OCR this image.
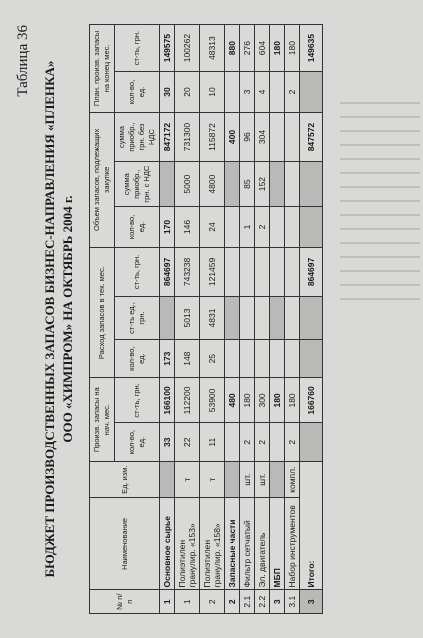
Таблица 36 БЮДЖЕТ ПРОИЗВОДСТВЕННЫХ ЗАПАСОВ БИЗНЕС-НАПРАВЛЕНИЯ «ПЛЕНКА» ООО «ХИМПРОМ» НА ОКТЯБРЬ 2004 г.
№ п/п	Наименование	Ед. изм.	Произв. запасы на нач. мес.		Расход запасов в тек. мес.			Объем запасов, подлежащих закупке			План. произв. запасы на конец мес.	
			кол-во, ед.	ст-ть, грн.	кол-во, ед.	ст-ть ед., грн.	ст-ть, грн.	кол-во, ед.	сумма приобр., грн. с НДС	сумма приобр., грн. без НДС	кол-во, ед.	ст-ть, грн.
1	Основное сырье		33	166100	173		864697	170		847172	30	149575
1	Полиэтилен гранулир. «153»	т	22	112200	148	5013	743238	146	5000	731300	20	100262
2	Полиэтилен гранулир. «158»	т	11	53900	25	4831	121459	24	4800	115872	10	48313
2	Запасные части			480						400		880
2.1	Фильтр сетчатый	шт.	2	180				1	85	96	3	276
2.2	Эл. двигатель	шт.	2	300				2	152	304	4	604
3	МБП			180								180
3.1	Набор инструментов	компл.	2	180							2	180
3	Итого:			166760			864697			847572		149635
